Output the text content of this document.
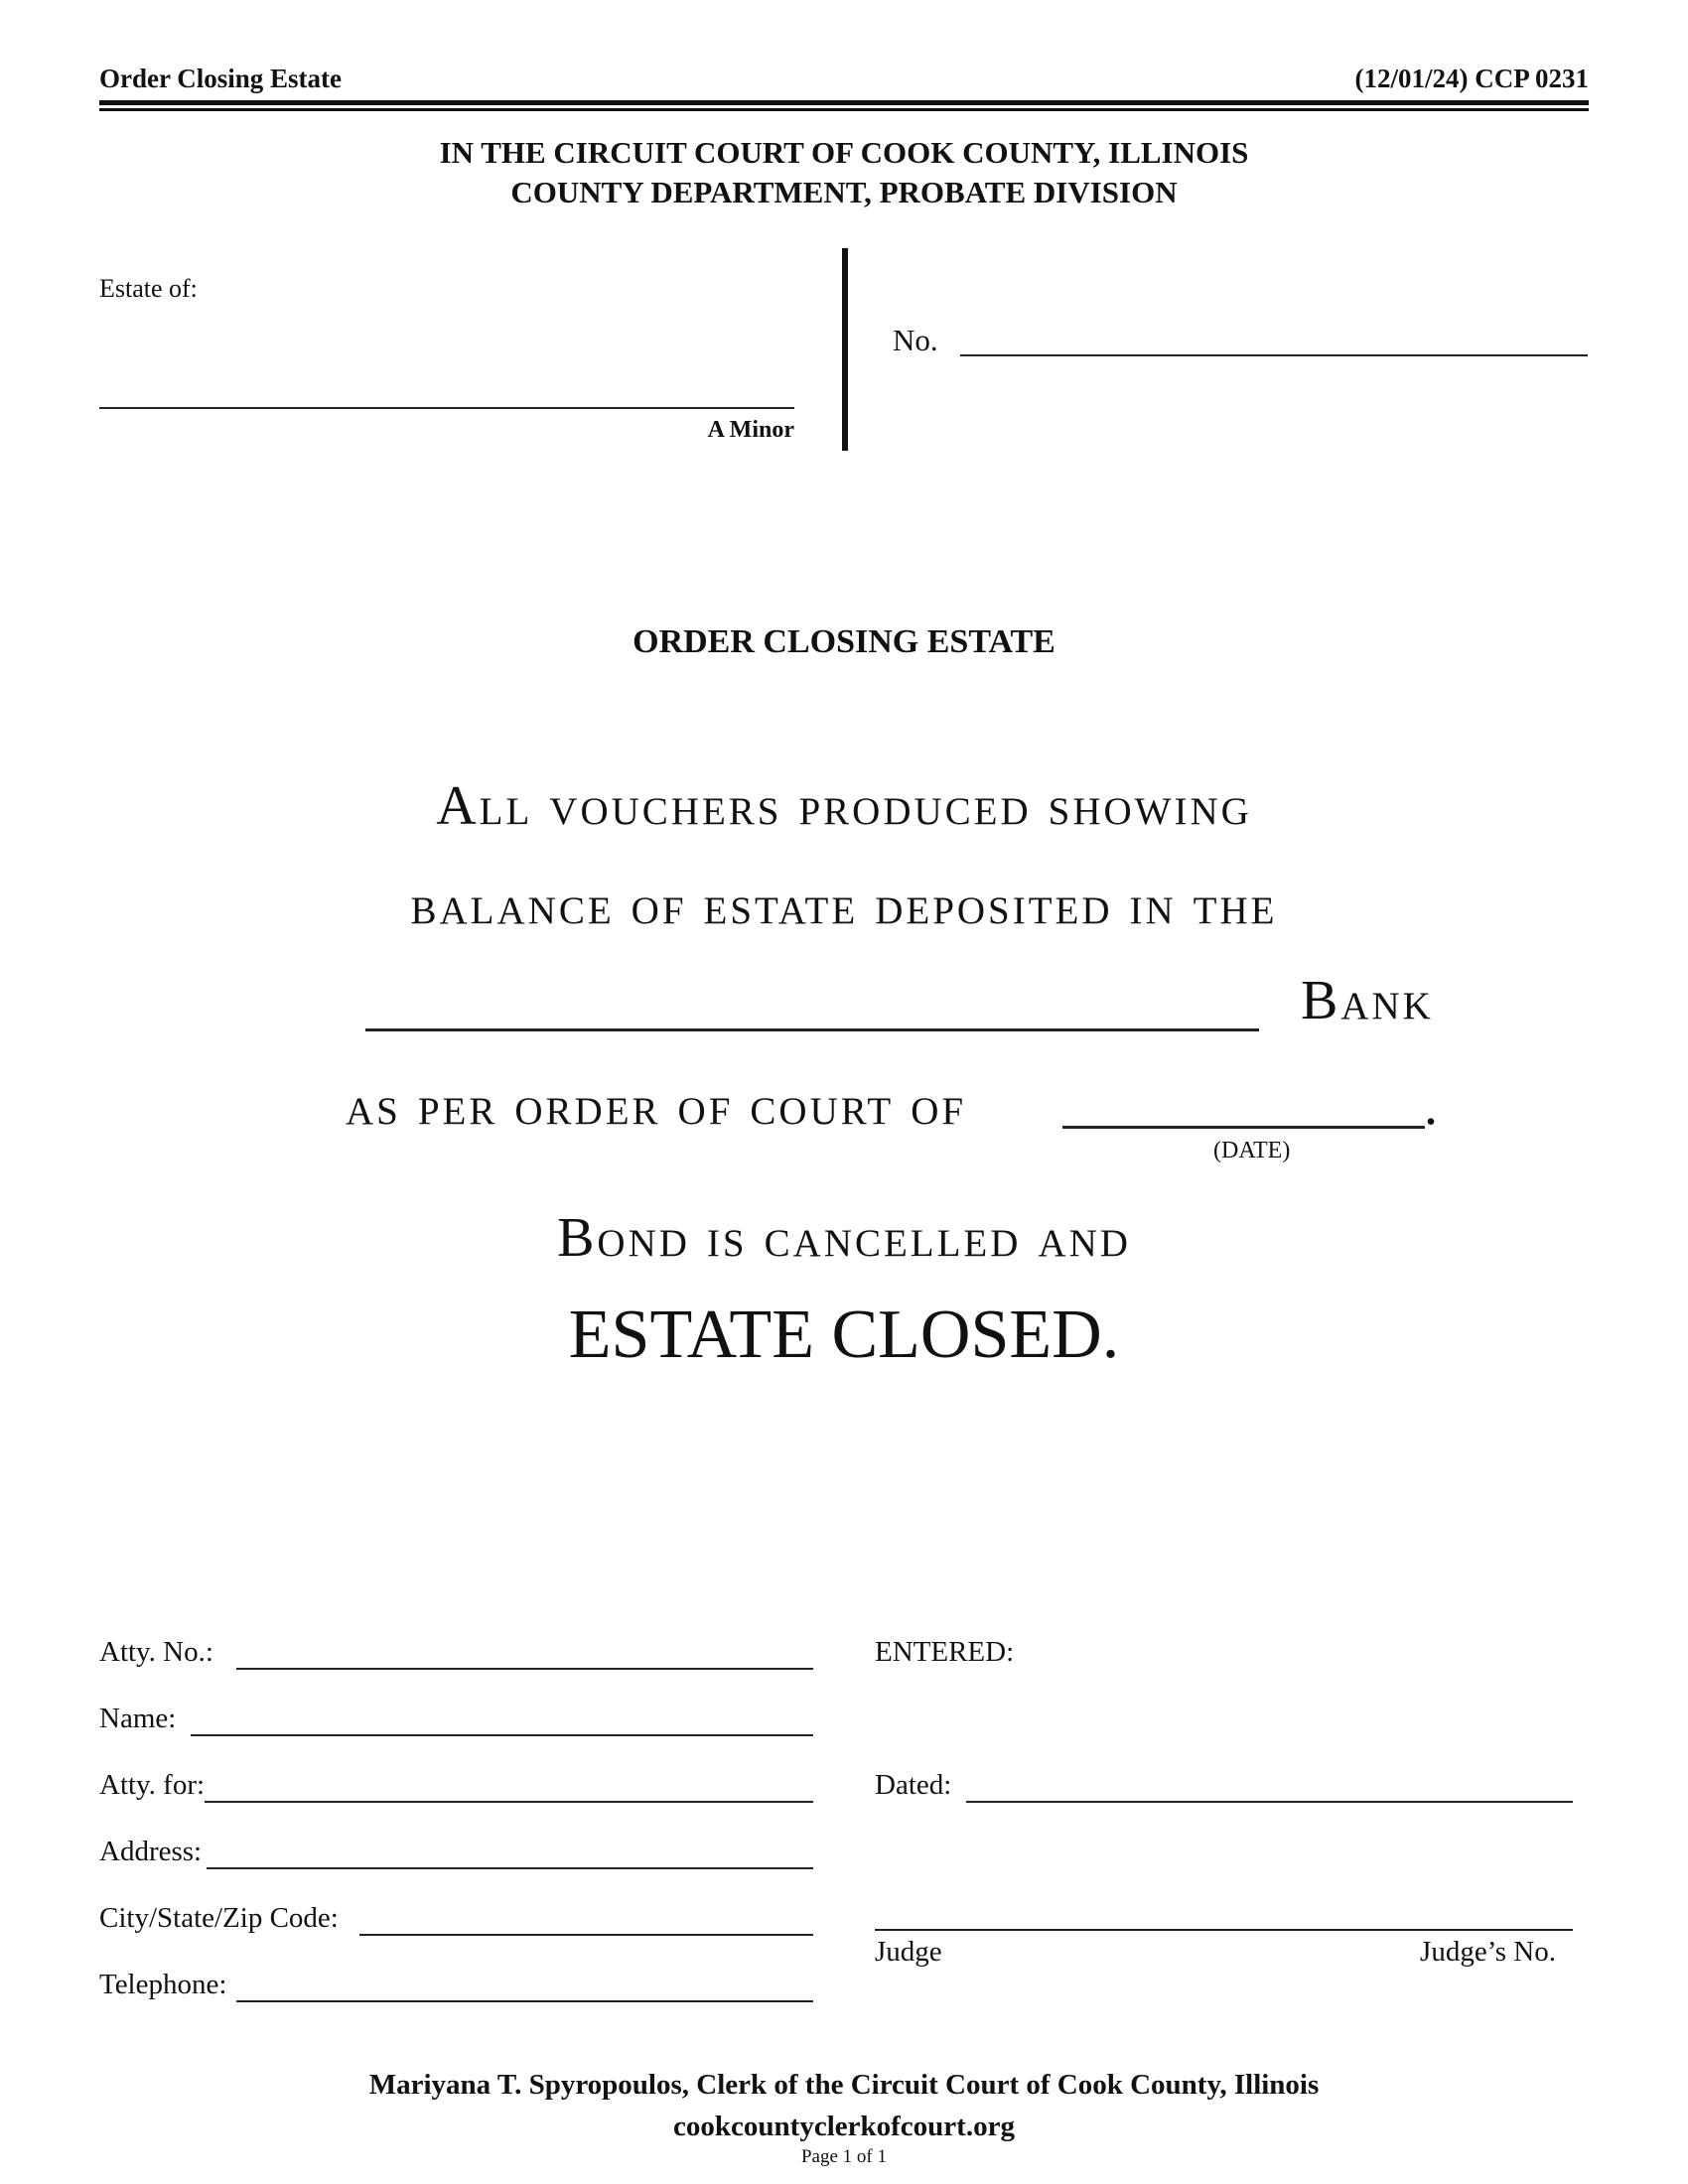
Order Closing Estate	(12/01/24) CCP 0231
IN THE CIRCUIT COURT OF COOK COUNTY, ILLINOIS
COUNTY DEPARTMENT, PROBATE DIVISION
Estate of:
A Minor
No.
ORDER CLOSING ESTATE
All vouchers produced showing
balance of estate deposited in the
Bank
as per order of court of	.
(DATE)
Bond is cancelled and
ESTATE CLOSED.
Atty. No.:
Name:
Atty. for:
Address:
City/State/Zip Code:
Telephone:
ENTERED:
Dated:
Judge	Judge’s No.
Mariyana T. Spyropoulos, Clerk of the Circuit Court of Cook County, Illinois
cookcountyclerkofcourt.org
Page 1 of 1
